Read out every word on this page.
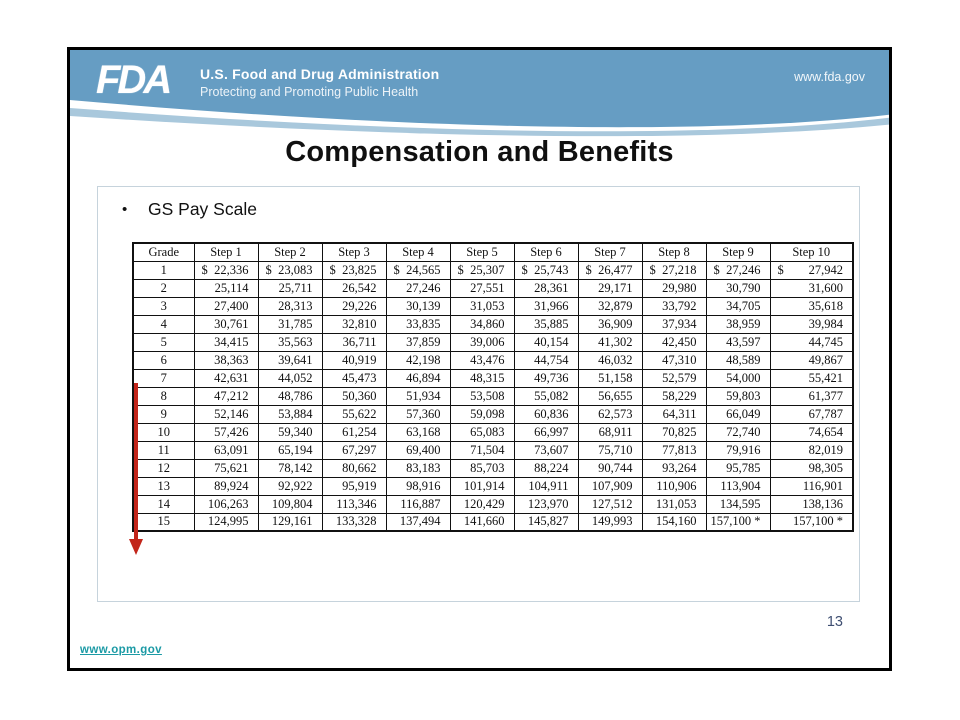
FDA U.S. Food and Drug Administration
Protecting and Promoting Public Health
www.fda.gov
Compensation and Benefits
• GS Pay Scale
Grade	Step 1	Step 2	Step 3	Step 4	Step 5	Step 6	Step 7	Step 8	Step 9	Step 10
1	$ 22,336	$ 23,083	$ 23,825	$ 24,565	$ 25,307	$ 25,743	$ 26,477	$ 27,218	$ 27,246	$ 27,942
2	25,114	25,711	26,542	27,246	27,551	28,361	29,171	29,980	30,790	31,600
3	27,400	28,313	29,226	30,139	31,053	31,966	32,879	33,792	34,705	35,618
4	30,761	31,785	32,810	33,835	34,860	35,885	36,909	37,934	38,959	39,984
5	34,415	35,563	36,711	37,859	39,006	40,154	41,302	42,450	43,597	44,745
6	38,363	39,641	40,919	42,198	43,476	44,754	46,032	47,310	48,589	49,867
7	42,631	44,052	45,473	46,894	48,315	49,736	51,158	52,579	54,000	55,421
8	47,212	48,786	50,360	51,934	53,508	55,082	56,655	58,229	59,803	61,377
9	52,146	53,884	55,622	57,360	59,098	60,836	62,573	64,311	66,049	67,787
10	57,426	59,340	61,254	63,168	65,083	66,997	68,911	70,825	72,740	74,654
11	63,091	65,194	67,297	69,400	71,504	73,607	75,710	77,813	79,916	82,019
12	75,621	78,142	80,662	83,183	85,703	88,224	90,744	93,264	95,785	98,305
13	89,924	92,922	95,919	98,916	101,914	104,911	107,909	110,906	113,904	116,901
14	106,263	109,804	113,346	116,887	120,429	123,970	127,512	131,053	134,595	138,136
15	124,995	129,161	133,328	137,494	141,660	145,827	149,993	154,160	157,100 *	157,100 *
www.opm.gov
13
